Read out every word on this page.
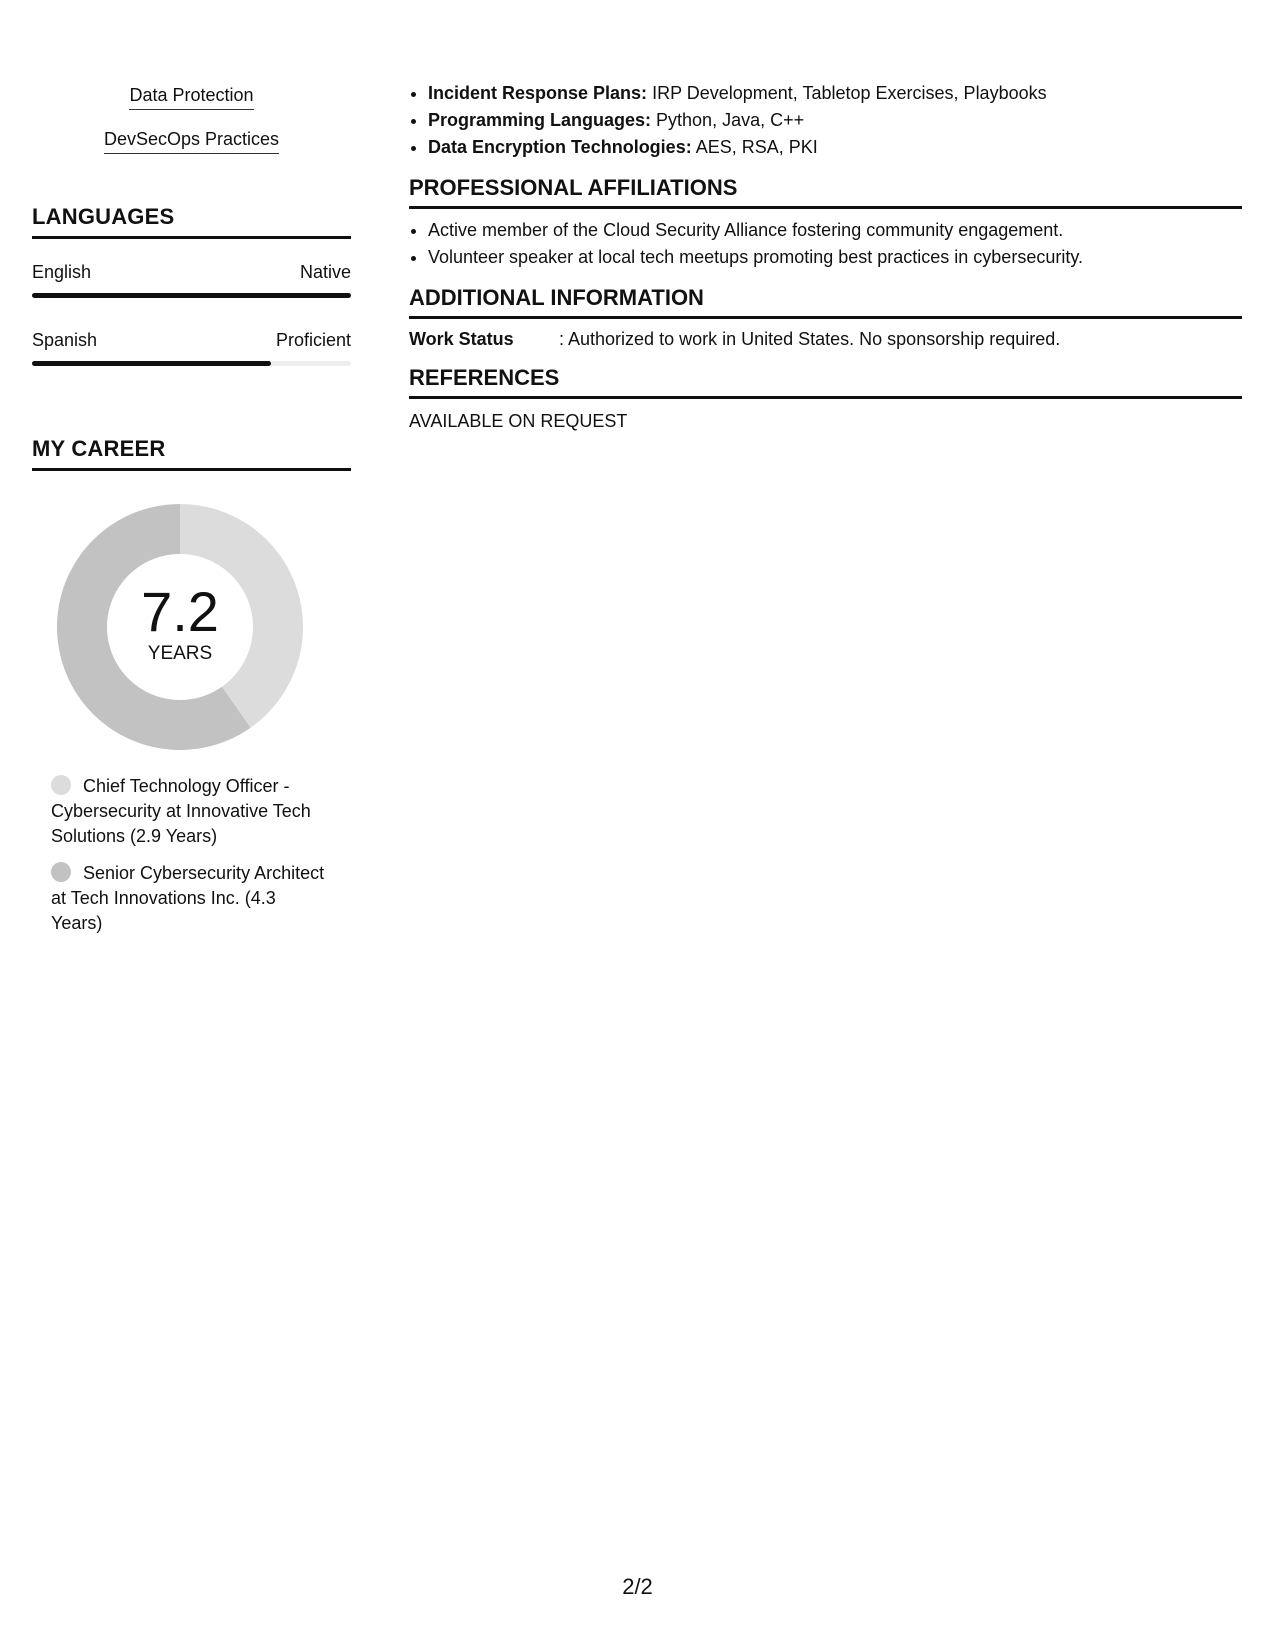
Data Protection
DevSecOps Practices
LANGUAGES
English	Native
Spanish	Proficient
MY CAREER
7.2
YEARS
Chief Technology Officer - Cybersecurity at Innovative Tech Solutions (2.9 Years)
Senior Cybersecurity Architect at Tech Innovations Inc. (4.3 Years)
• Incident Response Plans: IRP Development, Tabletop Exercises, Playbooks
• Programming Languages: Python, Java, C++
• Data Encryption Technologies: AES, RSA, PKI
PROFESSIONAL AFFILIATIONS
• Active member of the Cloud Security Alliance fostering community engagement.
• Volunteer speaker at local tech meetups promoting best practices in cybersecurity.
ADDITIONAL INFORMATION
Work Status	: Authorized to work in United States. No sponsorship required.
REFERENCES
AVAILABLE ON REQUEST
2/2
